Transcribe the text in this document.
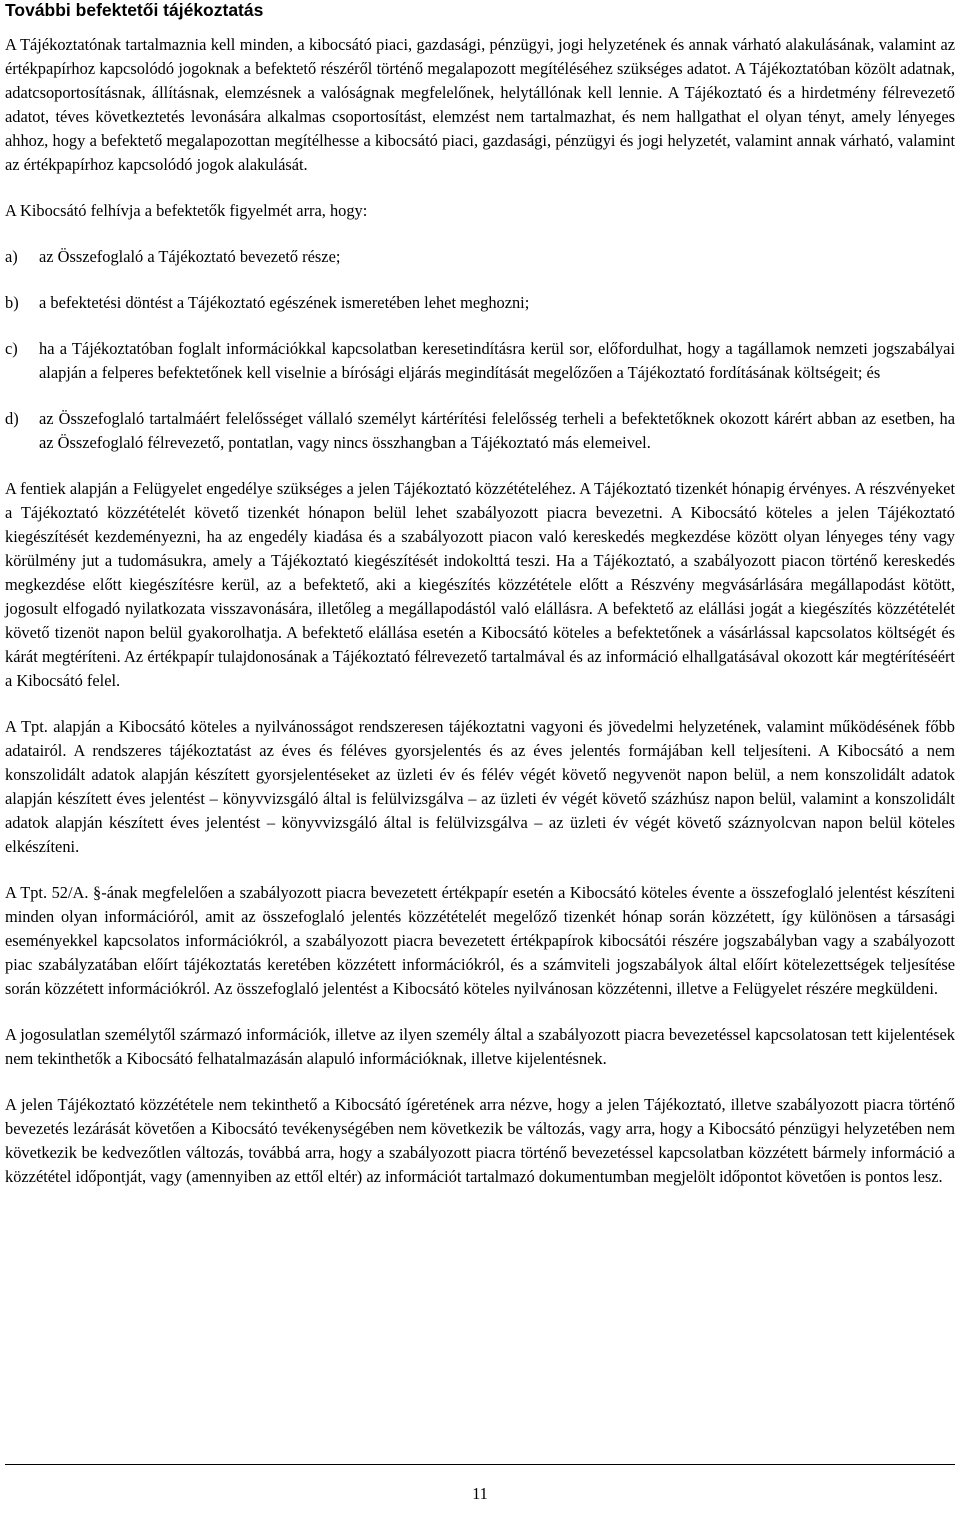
További befektetői tájékoztatás

A Tájékoztatónak tartalmaznia kell minden, a kibocsátó piaci, gazdasági, pénzügyi, jogi helyzetének és annak várható alakulásának, valamint az értékpapírhoz kapcsolódó jogoknak a befektető részéről történő megalapozott megítéléséhez szükséges adatot. A Tájékoztatóban közölt adatnak, adatcsoportosításnak, állításnak, elemzésnek a valóságnak megfelelőnek, helytállónak kell lennie. A Tájékoztató és a hirdetmény félrevezető adatot, téves következtetés levonására alkalmas csoportosítást, elemzést nem tartalmazhat, és nem hallgathat el olyan tényt, amely lényeges ahhoz, hogy a befektető megalapozottan megítélhesse a kibocsátó piaci, gazdasági, pénzügyi és jogi helyzetét, valamint annak várható, valamint az értékpapírhoz kapcsolódó jogok alakulását.

A Kibocsátó felhívja a befektetők figyelmét arra, hogy:

a)	az Összefoglaló a Tájékoztató bevezető része;
b)	a befektetési döntést a Tájékoztató egészének ismeretében lehet meghozni;
c)	ha a Tájékoztatóban foglalt információkkal kapcsolatban keresetindításra kerül sor, előfordulhat, hogy a tagállamok nemzeti jogszabályai alapján a felperes befektetőnek kell viselnie a bírósági eljárás megindítását megelőzően a Tájékoztató fordításának költségeit; és
d)	az Összefoglaló tartalmáért felelősséget vállaló személyt kártérítési felelősség terheli a befektetőknek okozott kárért abban az esetben, ha az Összefoglaló félrevezető, pontatlan, vagy nincs összhangban a Tájékoztató más elemeivel.

A fentiek alapján a Felügyelet engedélye szükséges a jelen Tájékoztató közzétételéhez. A Tájékoztató tizenkét hónapig érvényes. A részvényeket a Tájékoztató közzétételét követő tizenkét hónapon belül lehet szabályozott piacra bevezetni. A Kibocsátó köteles a jelen Tájékoztató kiegészítését kezdeményezni, ha az engedély kiadása és a szabályozott piacon való kereskedés megkezdése között olyan lényeges tény vagy körülmény jut a tudomásukra, amely a Tájékoztató kiegészítését indokolttá teszi. Ha a Tájékoztató, a szabályozott piacon történő kereskedés megkezdése előtt kiegészítésre kerül, az a befektető, aki a kiegészítés közzététele előtt a Részvény megvásárlására megállapodást kötött, jogosult elfogadó nyilatkozata visszavonására, illetőleg a megállapodástól való elállásra. A befektető az elállási jogát a kiegészítés közzétételét követő tizenöt napon belül gyakorolhatja. A befektető elállása esetén a Kibocsátó köteles a befektetőnek a vásárlással kapcsolatos költségét és kárát megtéríteni. Az értékpapír tulajdonosának a Tájékoztató félrevezető tartalmával és az információ elhallgatásával okozott kár megtérítéséért a Kibocsátó felel.

A Tpt. alapján a Kibocsátó köteles a nyilvánosságot rendszeresen tájékoztatni vagyoni és jövedelmi helyzetének, valamint működésének főbb adatairól. A rendszeres tájékoztatást az éves és féléves gyorsjelentés és az éves jelentés formájában kell teljesíteni. A Kibocsátó a nem konszolidált adatok alapján készített gyorsjelentéseket az üzleti év és félév végét követő negyvenöt napon belül, a nem konszolidált adatok alapján készített éves jelentést – könyvvizsgáló által is felülvizsgálva – az üzleti év végét követő százhúsz napon belül, valamint a konszolidált adatok alapján készített éves jelentést – könyvvizsgáló által is felülvizsgálva – az üzleti év végét követő száznyolcvan napon belül köteles elkészíteni.

A Tpt. 52/A. §-ának megfelelően a szabályozott piacra bevezetett értékpapír esetén a Kibocsátó köteles évente a összefoglaló jelentést készíteni minden olyan információról, amit az összefoglaló jelentés közzétételét megelőző tizenkét hónap során közzétett, így különösen a társasági eseményekkel kapcsolatos információkról, a szabályozott piacra bevezetett értékpapírok kibocsátói részére jogszabályban vagy a szabályozott piac szabályzatában előírt tájékoztatás keretében közzétett információkról, és a számviteli jogszabályok által előírt kötelezettségek teljesítése során közzétett információkról. Az összefoglaló jelentést a Kibocsátó köteles nyilvánosan közzétenni, illetve a Felügyelet részére megküldeni.

A jogosulatlan személytől származó információk, illetve az ilyen személy által a szabályozott piacra bevezetéssel kapcsolatosan tett kijelentések nem tekinthetők a Kibocsátó felhatalmazásán alapuló információknak, illetve kijelentésnek.

A jelen Tájékoztató közzététele nem tekinthető a Kibocsátó ígéretének arra nézve, hogy a jelen Tájékoztató, illetve szabályozott piacra történő bevezetés lezárását követően a Kibocsátó tevékenységében nem következik be változás, vagy arra, hogy a Kibocsátó pénzügyi helyzetében nem következik be kedvezőtlen változás, továbbá arra, hogy a szabályozott piacra történő bevezetéssel kapcsolatban közzétett bármely információ a közzététel időpontját, vagy (amennyiben az ettől eltér) az információt tartalmazó dokumentumban megjelölt időpontot követően is pontos lesz.

11
